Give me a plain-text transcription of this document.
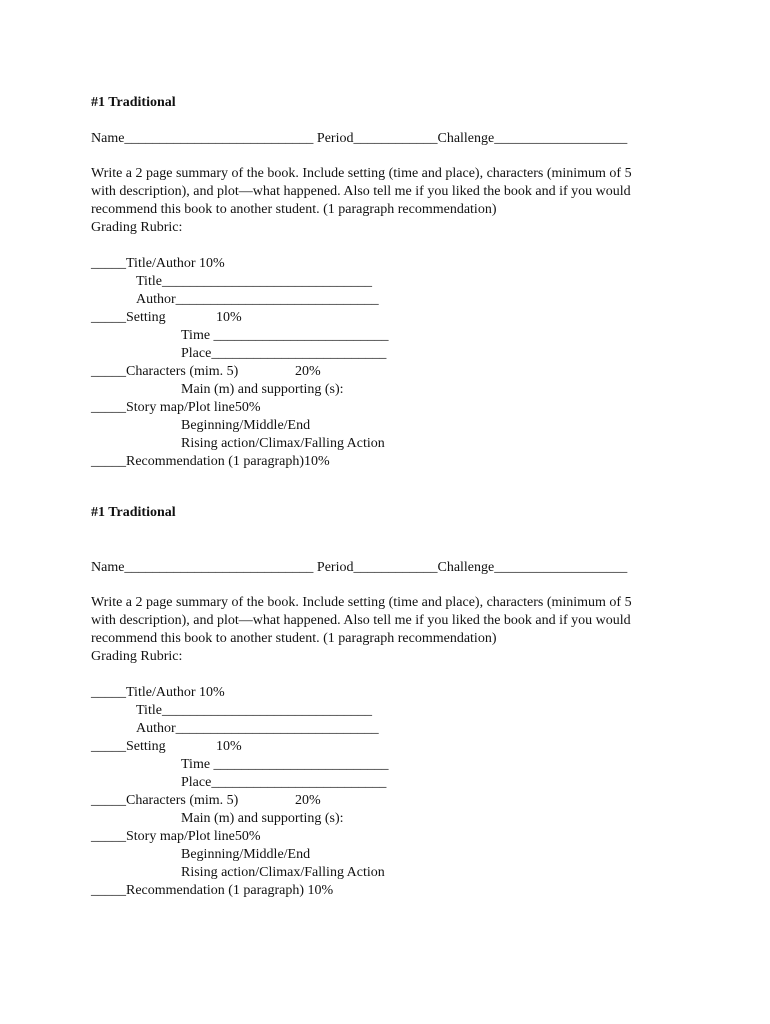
#1 Traditional
Name___________________________ Period____________Challenge___________________
Write a 2 page summary of the book. Include setting (time and place), characters (minimum of 5
with description), and plot—what happened. Also tell me if you liked the book and if you would
recommend this book to another student. (1 paragraph recommendation)
Grading Rubric:
_____Title/Author 10%
Title______________________________
Author_____________________________
_____Setting	10%
Time _________________________
Place_________________________
_____Characters (mim. 5)	20%
Main (m) and supporting (s):
_____Story map/Plot line50%
Beginning/Middle/End
Rising action/Climax/Falling Action
_____Recommendation (1 paragraph)10%
#1 Traditional
Name___________________________ Period____________Challenge___________________
Write a 2 page summary of the book. Include setting (time and place), characters (minimum of 5
with description), and plot—what happened. Also tell me if you liked the book and if you would
recommend this book to another student. (1 paragraph recommendation)
Grading Rubric:
_____Title/Author 10%
Title______________________________
Author_____________________________
_____Setting	10%
Time _________________________
Place_________________________
_____Characters (mim. 5)	20%
Main (m) and supporting (s):
_____Story map/Plot line50%
Beginning/Middle/End
Rising action/Climax/Falling Action
_____Recommendation (1 paragraph) 10%
